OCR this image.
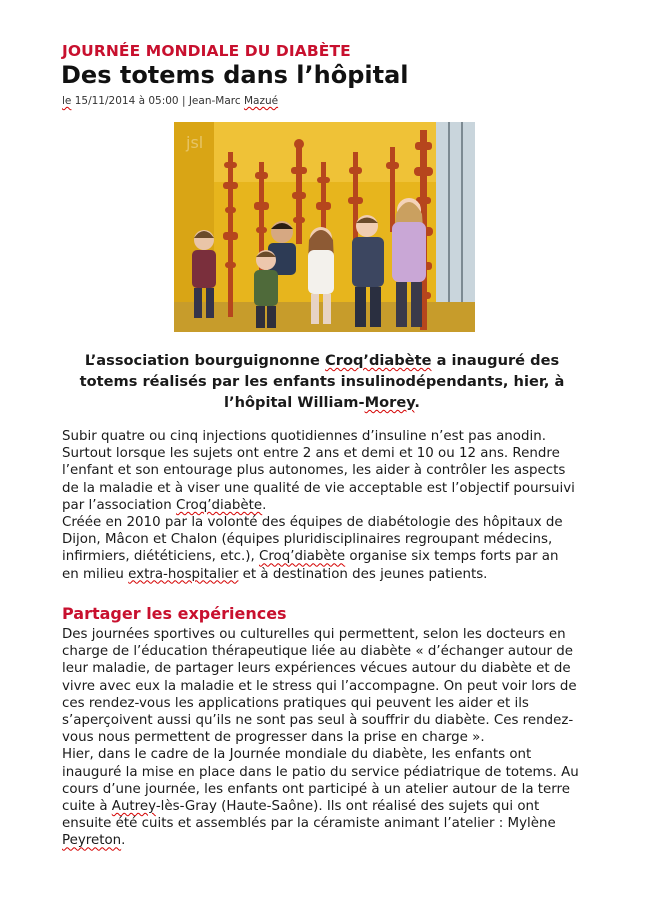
JOURNÉE MONDIALE DU DIABÈTE
Des totems dans l’hôpital
le 15/11/2014 à 05:00 | Jean-Marc Mazué
jsl
L’association bourguignonne Croq’diabète a inauguré des totems réalisés par les enfants insulinodépendants, hier, à l’hôpital William-Morey.
Subir quatre ou cinq injections quotidiennes d’insuline n’est pas anodin.
Surtout lorsque les sujets ont entre 2 ans et demi et 10 ou 12 ans. Rendre
l’enfant et son entourage plus autonomes, les aider à contrôler les aspects
de la maladie et à viser une qualité de vie acceptable est l’objectif poursuivi
par l’association Croq’diabète.
Créée en 2010 par la volonté des équipes de diabétologie des hôpitaux de
Dijon, Mâcon et Chalon (équipes pluridisciplinaires regroupant médecins,
infirmiers, diététiciens, etc.), Croq’diabète organise six temps forts par an
en milieu extra-hospitalier et à destination des jeunes patients.
Partager les expériences
Des journées sportives ou culturelles qui permettent, selon les docteurs en
charge de l’éducation thérapeutique liée au diabète « d’échanger autour de
leur maladie, de partager leurs expériences vécues autour du diabète et de
vivre avec eux la maladie et le stress qui l’accompagne. On peut voir lors de
ces rendez-vous les applications pratiques qui peuvent les aider et ils
s’aperçoivent aussi qu’ils ne sont pas seul à souffrir du diabète. Ces rendez-
vous nous permettent de progresser dans la prise en charge ».
Hier, dans le cadre de la Journée mondiale du diabète, les enfants ont
inauguré la mise en place dans le patio du service pédiatrique de totems. Au
cours d’une journée, les enfants ont participé à un atelier autour de la terre
cuite à Autrey-lès-Gray (Haute-Saône). Ils ont réalisé des sujets qui ont
ensuite été cuits et assemblés par la céramiste animant l’atelier : Mylène
Peyreton.
